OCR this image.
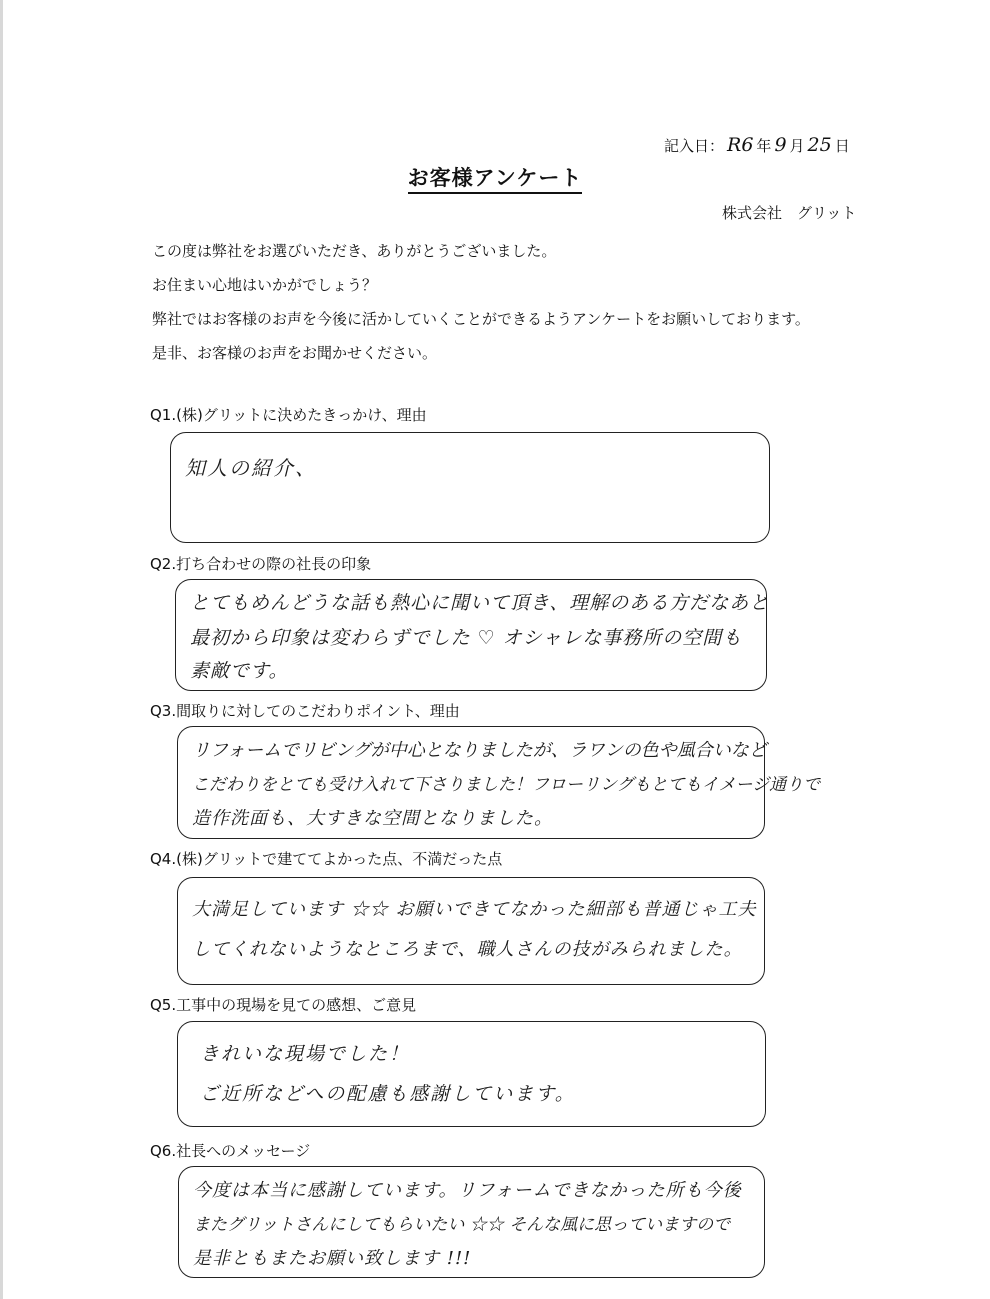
記入日： R6 年 9 月 25 日
お客様アンケート
株式会社　グリット
この度は弊社をお選びいただき、ありがとうございました。
お住まい心地はいかがでしょう？
弊社ではお客様のお声を今後に活かしていくことができるようアンケートをお願いしております。
是非、お客様のお声をお聞かせください。
Q1.(株)グリットに決めたきっかけ、理由
知人の紹介、
Q2.打ち合わせの際の社長の印象
とてもめんどうな話も熱心に聞いて頂き、理解のある方だなあと
最初から印象は変わらずでした ♡ オシャレな事務所の空間も
素敵です。
Q3.間取りに対してのこだわりポイント、理由
リフォームでリビングが中心となりましたが、ラワンの色や風合いなど
こだわりをとても受け入れて下さりました！フローリングもとてもイメージ通りで
造作洗面も、大すきな空間となりました。
Q4.(株)グリットで建ててよかった点、不満だった点
大満足しています ☆☆ お願いできてなかった細部も普通じゃ工夫
してくれないようなところまで、職人さんの技がみられました。
Q5.工事中の現場を見ての感想、ご意見
きれいな現場でした！
ご近所などへの配慮も感謝しています。
Q6.社長へのメッセージ
今度は本当に感謝しています。リフォームできなかった所も今後
またグリットさんにしてもらいたい ☆☆ そんな風に思っていますので
是非ともまたお願い致します !!!
